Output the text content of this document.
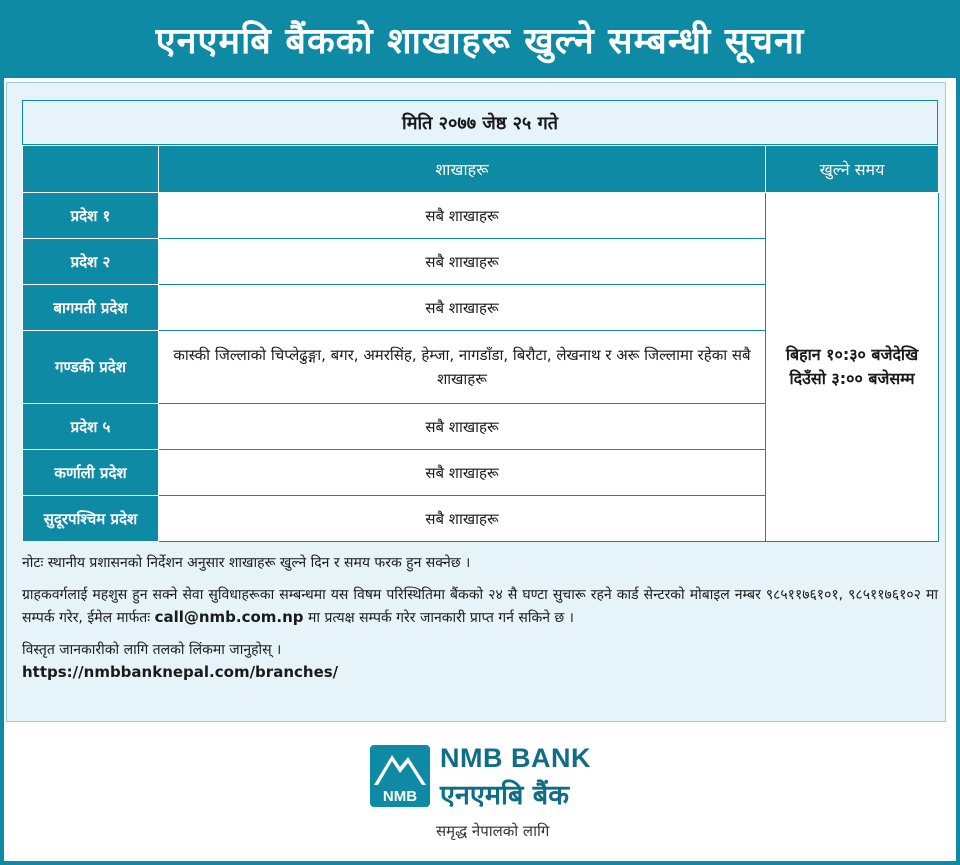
एनएमबि बैंकको शाखाहरू खुल्ने सम्बन्धी सूचना
मिति २०७७ जेष्ठ २५ गते
	शाखाहरू	खुल्ने समय
प्रदेश १	सबै शाखाहरू	बिहान १०:३० बजेदेखि
दिउँसो ३:०० बजेसम्म

प्रदेश २	सबै शाखाहरू	
बागमती प्रदेश	सबै शाखाहरू	
गण्डकी प्रदेश	कास्की जिल्लाको चिप्लेढुङ्गा, बगर, अमरसिंह, हेम्जा, नागडाँडा, बिरौटा, लेखनाथ र अरू जिल्लामा रहेका सबै शाखाहरू	
प्रदेश ५	सबै शाखाहरू	
कर्णाली प्रदेश	सबै शाखाहरू	
सुदूरपश्चिम प्रदेश	सबै शाखाहरू	

नोटः स्थानीय प्रशासनको निर्देशन अनुसार शाखाहरू खुल्ने दिन र समय फरक हुन सक्नेछ ।

ग्राहकवर्गलाई महशुस हुन सक्ने सेवा सुविधाहरूका सम्बन्धमा यस विषम परिस्थितिमा बैंकको २४ सै घण्टा सुचारू रहने कार्ड सेन्टरको मोबाइल नम्बर ९८५११७६१०१, ९८५११७६१०२ मा सम्पर्क गरेर, ईमेल मार्फतः call@nmb.com.np मा प्रत्यक्ष सम्पर्क गरेर जानकारी प्राप्त गर्न सकिने छ ।

विस्तृत जानकारीको लागि तलको लिंकमा जानुहोस् ।

https://nmbbanknepal.com/branches/

NMB
NMB BANK
एनएमबि बैंक
समृद्ध नेपालको लागि
